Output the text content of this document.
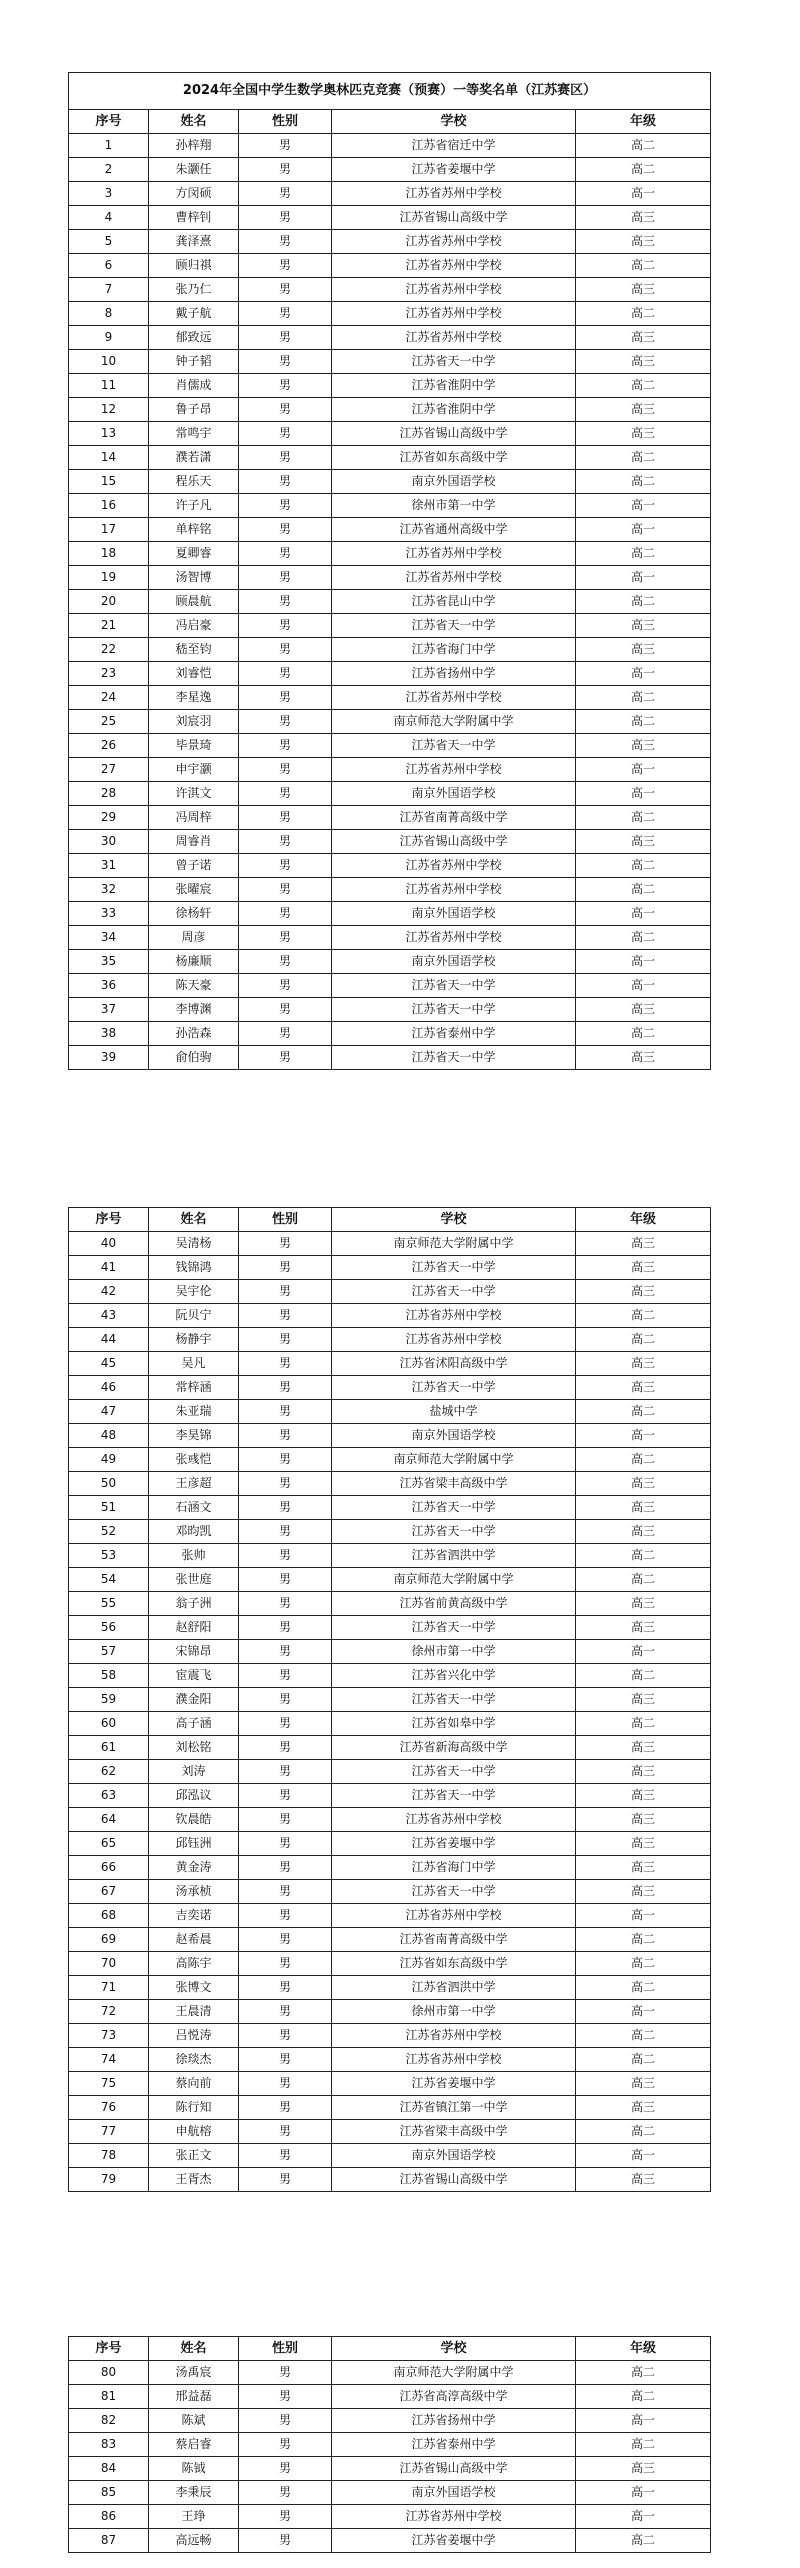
2024年全国中学生数学奥林匹克竞赛（预赛）一等奖名单（江苏赛区）				
序号	姓名	性别	学校	年级
1	孙梓翔	男	江苏省宿迁中学	高二
2	朱灏任	男	江苏省姜堰中学	高二
3	方闵硕	男	江苏省苏州中学校	高一
4	曹梓钊	男	江苏省锡山高级中学	高三
5	龚泽熹	男	江苏省苏州中学校	高三
6	顾归祺	男	江苏省苏州中学校	高二
7	张乃仁	男	江苏省苏州中学校	高三
8	戴子航	男	江苏省苏州中学校	高二
9	郁致远	男	江苏省苏州中学校	高三
10	钟子韬	男	江苏省天一中学	高三
11	肖儒成	男	江苏省淮阴中学	高二
12	鲁子昂	男	江苏省淮阴中学	高三
13	常鸣宇	男	江苏省锡山高级中学	高三
14	濮若潇	男	江苏省如东高级中学	高二
15	程乐天	男	南京外国语学校	高二
16	许子凡	男	徐州市第一中学	高一
17	单梓铭	男	江苏省通州高级中学	高一
18	夏卿睿	男	江苏省苏州中学校	高二
19	汤智博	男	江苏省苏州中学校	高一
20	顾晨航	男	江苏省昆山中学	高二
21	冯启豪	男	江苏省天一中学	高三
22	嵇至钧	男	江苏省海门中学	高三
23	刘睿恺	男	江苏省扬州中学	高一
24	李星逸	男	江苏省苏州中学校	高二
25	刘宸羽	男	南京师范大学附属中学	高二
26	毕景琦	男	江苏省天一中学	高三
27	申宇灏	男	江苏省苏州中学校	高一
28	许淇文	男	南京外国语学校	高一
29	冯周梓	男	江苏省南菁高级中学	高二
30	周睿肖	男	江苏省锡山高级中学	高三
31	曾子诺	男	江苏省苏州中学校	高二
32	张曜宸	男	江苏省苏州中学校	高二
33	徐杨轩	男	南京外国语学校	高一
34	周彦	男	江苏省苏州中学校	高二
35	杨廉顺	男	南京外国语学校	高一
36	陈天豪	男	江苏省天一中学	高一
37	李博渊	男	江苏省天一中学	高三
38	孙浩森	男	江苏省泰州中学	高二
39	俞伯驹	男	江苏省天一中学	高三
序号	姓名	性别	学校	年级
40	吴清杨	男	南京师范大学附属中学	高三
41	钱锦鸿	男	江苏省天一中学	高三
42	吴宇伦	男	江苏省天一中学	高三
43	阮贝宁	男	江苏省苏州中学校	高二
44	杨静宇	男	江苏省苏州中学校	高二
45	吴凡	男	江苏省沭阳高级中学	高三
46	常梓涵	男	江苏省天一中学	高三
47	朱亚瑞	男	盐城中学	高二
48	李昊锦	男	南京外国语学校	高一
49	张彧恺	男	南京师范大学附属中学	高二
50	王彦超	男	江苏省梁丰高级中学	高三
51	石涵文	男	江苏省天一中学	高三
52	邓昀凯	男	江苏省天一中学	高三
53	张帅	男	江苏省泗洪中学	高二
54	张世庭	男	南京师范大学附属中学	高二
55	翁子洲	男	江苏省前黄高级中学	高三
56	赵舒阳	男	江苏省天一中学	高三
57	宋锦昂	男	徐州市第一中学	高一
58	宦震飞	男	江苏省兴化中学	高二
59	濮金阳	男	江苏省天一中学	高三
60	高子涵	男	江苏省如皋中学	高二
61	刘松铭	男	江苏省新海高级中学	高三
62	刘涛	男	江苏省天一中学	高三
63	邱泓议	男	江苏省天一中学	高三
64	钦晨皓	男	江苏省苏州中学校	高三
65	邱钰洲	男	江苏省姜堰中学	高三
66	黄金涛	男	江苏省海门中学	高三
67	汤承桢	男	江苏省天一中学	高三
68	吉奕诺	男	江苏省苏州中学校	高一
69	赵希晨	男	江苏省南菁高级中学	高二
70	高陈宇	男	江苏省如东高级中学	高二
71	张博文	男	江苏省泗洪中学	高二
72	王晨清	男	徐州市第一中学	高一
73	吕悦涛	男	江苏省苏州中学校	高二
74	徐琰杰	男	江苏省苏州中学校	高二
75	蔡向前	男	江苏省姜堰中学	高三
76	陈行知	男	江苏省镇江第一中学	高三
77	申航榕	男	江苏省梁丰高级中学	高二
78	张正文	男	南京外国语学校	高一
79	王胥杰	男	江苏省锡山高级中学	高三
序号	姓名	性别	学校	年级
80	汤禹宸	男	南京师范大学附属中学	高二
81	邢益磊	男	江苏省高淳高级中学	高二
82	陈斌	男	江苏省扬州中学	高一
83	蔡启睿	男	江苏省泰州中学	高二
84	陈钺	男	江苏省锡山高级中学	高三
85	李秉辰	男	南京外国语学校	高一
86	王琤	男	江苏省苏州中学校	高一
87	高远畅	男	江苏省姜堰中学	高二
